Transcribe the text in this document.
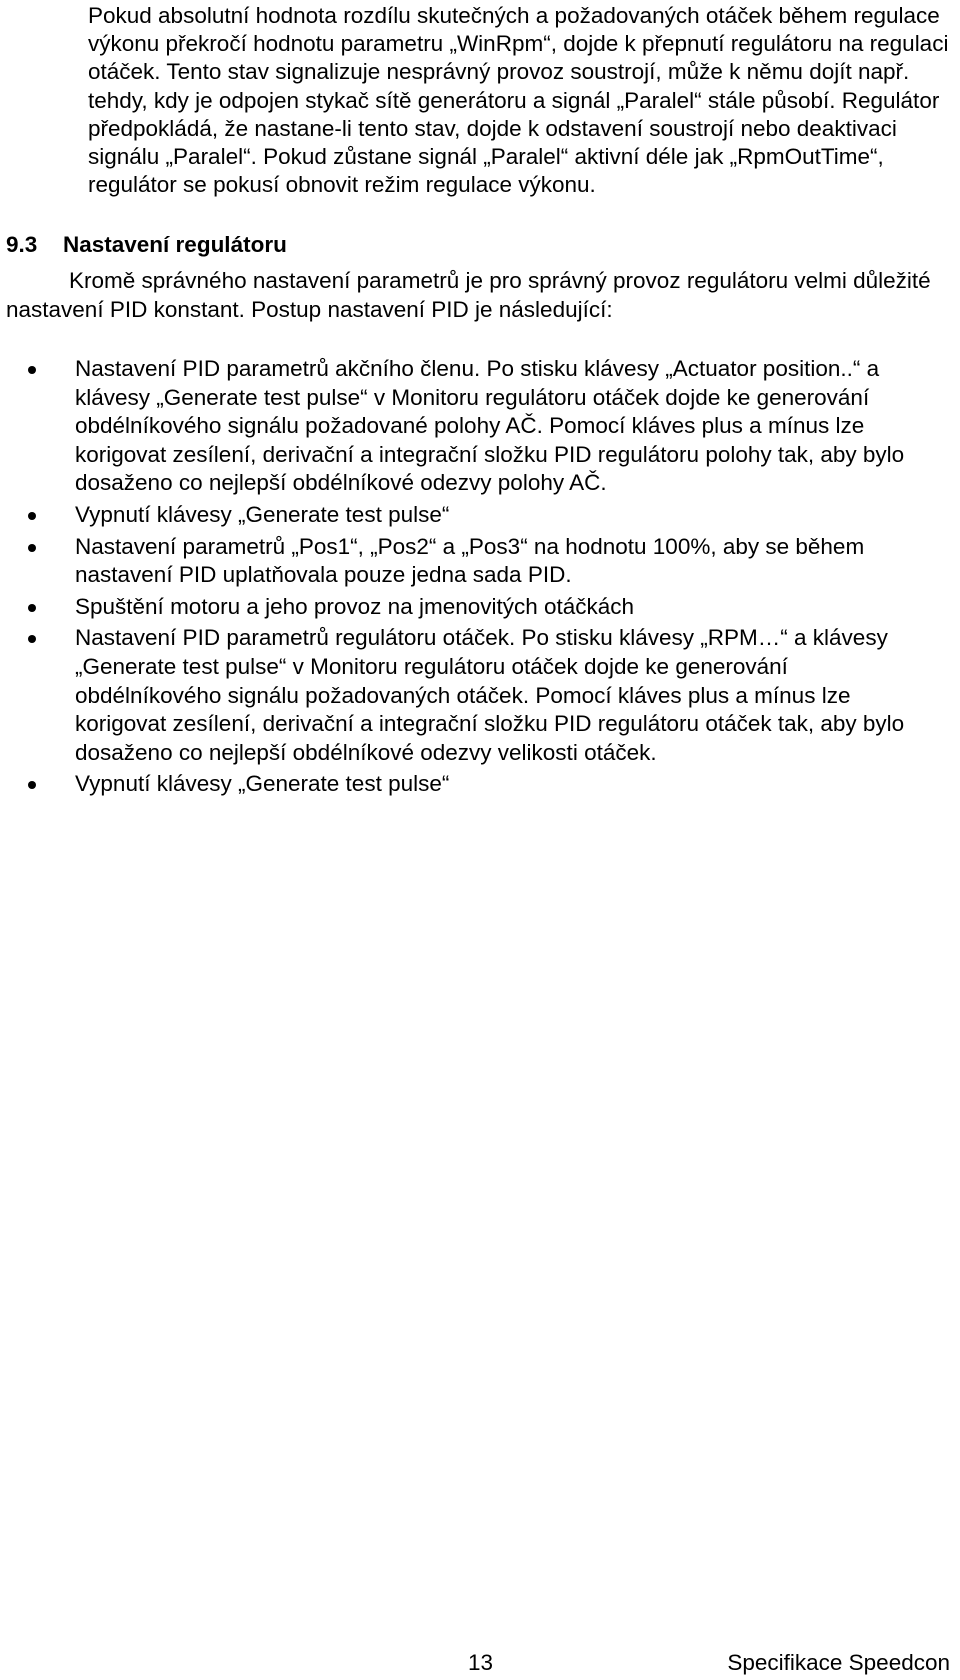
Pokud absolutní hodnota rozdílu skutečných a požadovaných otáček během regulace výkonu překročí hodnotu parametru „WinRpm“, dojde k přepnutí regulátoru na regulaci otáček. Tento stav signalizuje nesprávný provoz soustrojí, může k němu dojít např. tehdy, kdy je odpojen stykač sítě generátoru a signál „Paralel“ stále působí. Regulátor předpokládá, že nastane-li tento stav, dojde k odstavení soustrojí nebo deaktivaci signálu „Paralel“. Pokud zůstane signál „Paralel“ aktivní déle jak „RpmOutTime“, regulátor se pokusí obnovit režim regulace výkonu.

9.3 Nastavení regulátoru

Kromě správného nastavení parametrů je pro správný provoz regulátoru velmi důležité nastavení PID konstant. Postup nastavení PID je následující:

Nastavení PID parametrů akčního členu. Po stisku klávesy „Actuator position..“ a klávesy „Generate test pulse“ v Monitoru regulátoru otáček dojde ke generování obdélníkového signálu požadované polohy AČ. Pomocí kláves plus a mínus lze korigovat zesílení, derivační a integrační složku PID regulátoru polohy tak, aby bylo dosaženo co nejlepší obdélníkové odezvy polohy AČ.
Vypnutí klávesy „Generate test pulse“
Nastavení parametrů „Pos1“, „Pos2“ a „Pos3“ na hodnotu 100%, aby se během nastavení PID uplatňovala pouze jedna sada PID.
Spuštění motoru a jeho provoz na jmenovitých otáčkách
Nastavení PID parametrů regulátoru otáček. Po stisku klávesy „RPM…“ a klávesy „Generate test pulse“ v Monitoru regulátoru otáček dojde ke generování obdélníkového signálu požadovaných otáček. Pomocí kláves plus a mínus lze korigovat zesílení, derivační a integrační složku PID regulátoru otáček tak, aby bylo dosaženo co nejlepší obdélníkové odezvy velikosti otáček.
Vypnutí klávesy „Generate test pulse“
13	Specifikace Speedcon
